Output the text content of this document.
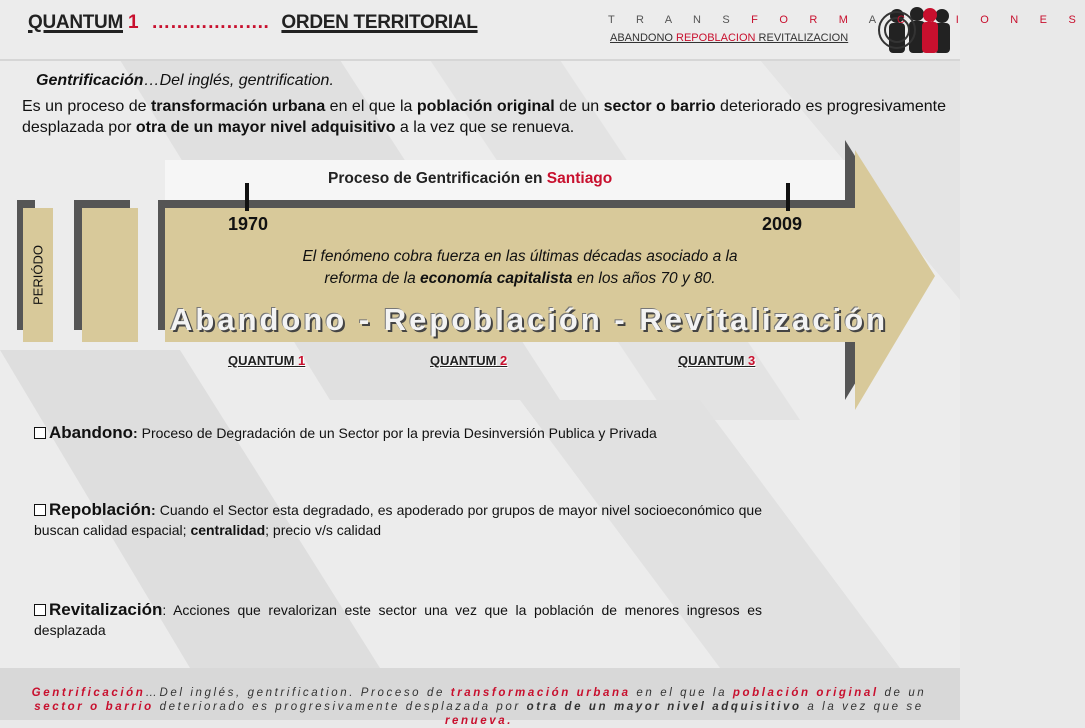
QUANTUM 1 ………………. ORDEN TERRITORIAL	T R A N S F O R M A C C I O N E S
ABANDONO REPOBLACION REVITALIZACION
Gentrificación…Del inglés, gentrification.
Es un proceso de transformación urbana en el que la población original de un sector o barrio deteriorado es progresivamente desplazada por otra de un mayor nivel adquisitivo a la vez que se renueva.
Proceso de Gentrificación en Santiago
1970	2009
El fenómeno cobra fuerza en las últimas décadas asociado a la
reforma de la economía capitalista en los años 70 y 80.
Abandono - Repoblación - Revitalización
PERIÓDO
QUANTUM 1	QUANTUM 2	QUANTUM 3
Abandono: Proceso de Degradación de un Sector por la previa Desinversión Publica y Privada
Repoblación: Cuando el Sector esta degradado, es apoderado por grupos de mayor nivel socioeconómico que buscan calidad espacial; centralidad; precio v/s calidad
Revitalización: Acciones que revalorizan este sector una vez que la población de menores ingresos es desplazada
Gentrificación…Del inglés, gentrification. Proceso de transformación urbana en el que la población original de un sector o barrio deteriorado es progresivamente desplazada por otra de un mayor nivel adquisitivo a la vez que se renueva.
